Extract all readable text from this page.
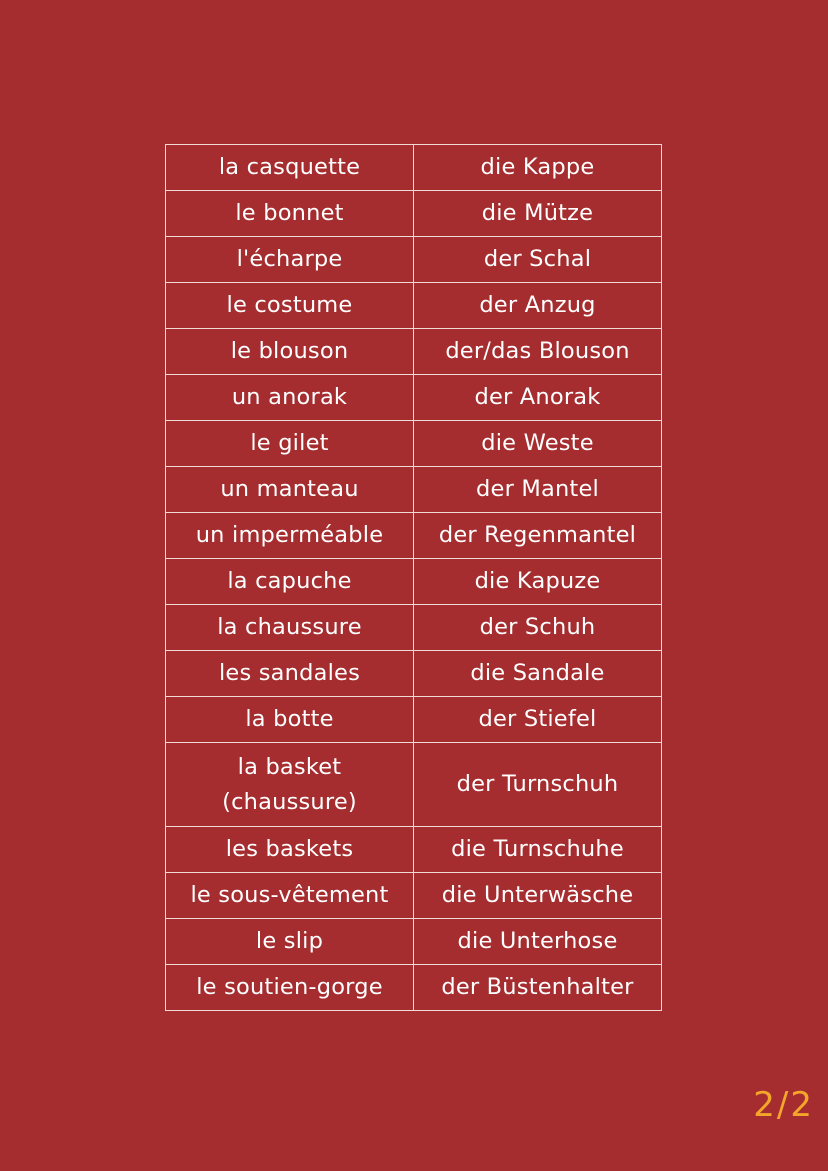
la casquette	die Kappe
le bonnet	die Mütze
l'écharpe	der Schal
le costume	der Anzug
le blouson	der/das Blouson
un anorak	der Anorak
le gilet	die Weste
un manteau	der Mantel
un imperméable	der Regenmantel
la capuche	die Kapuze
la chaussure	der Schuh
les sandales	die Sandale
la botte	der Stiefel
la basket
(chaussure)	der Turnschuh
les baskets	die Turnschuhe
le sous-vêtement	die Unterwäsche
le slip	die Unterhose
le soutien-gorge	der Büstenhalter
2/2
